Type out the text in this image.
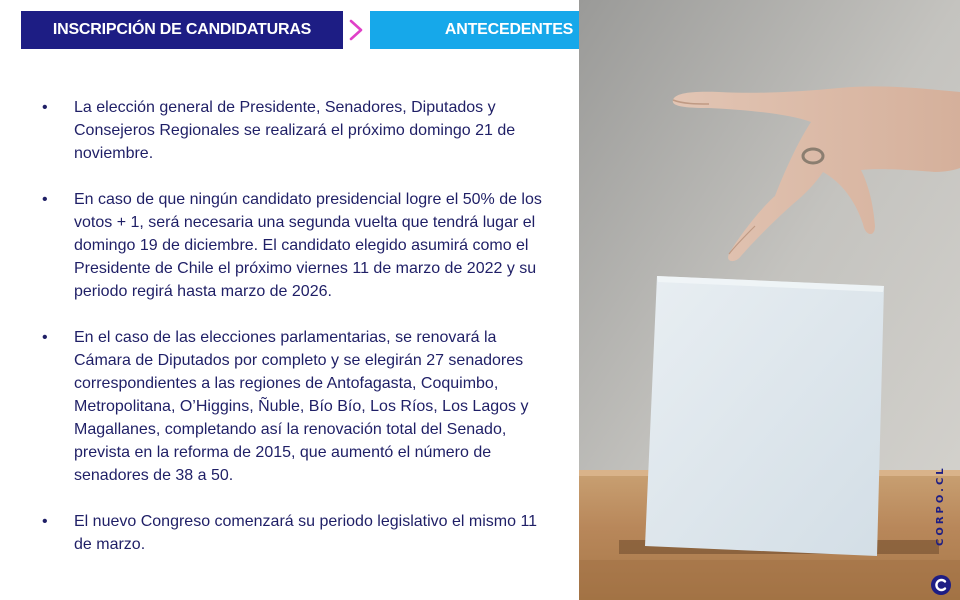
INSCRIPCIÓN DE CANDIDATURAS	ANTECEDENTES
• La elección general de Presidente, Senadores, Diputados y Consejeros Regionales se realizará el próximo domingo 21 de noviembre.
• En caso de que ningún candidato presidencial logre el 50% de los votos + 1, será necesaria una segunda vuelta que tendrá lugar el domingo 19 de diciembre. El candidato elegido asumirá como el Presidente de Chile el próximo viernes 11 de marzo de 2022 y su periodo regirá hasta marzo de 2026.
• En el caso de las elecciones parlamentarias, se renovará la Cámara de Diputados por completo y se elegirán 27 senadores correspondientes a las regiones de Antofagasta, Coquimbo, Metropolitana, O’Higgins, Ñuble, Bío Bío, Los Ríos, Los Lagos y Magallanes, completando así la renovación total del Senado, prevista en la reforma de 2015, que aumentó el número de senadores de 38 a 50.
• El nuevo Congreso comenzará su periodo legislativo el mismo 11 de marzo.	CORPO.CL
